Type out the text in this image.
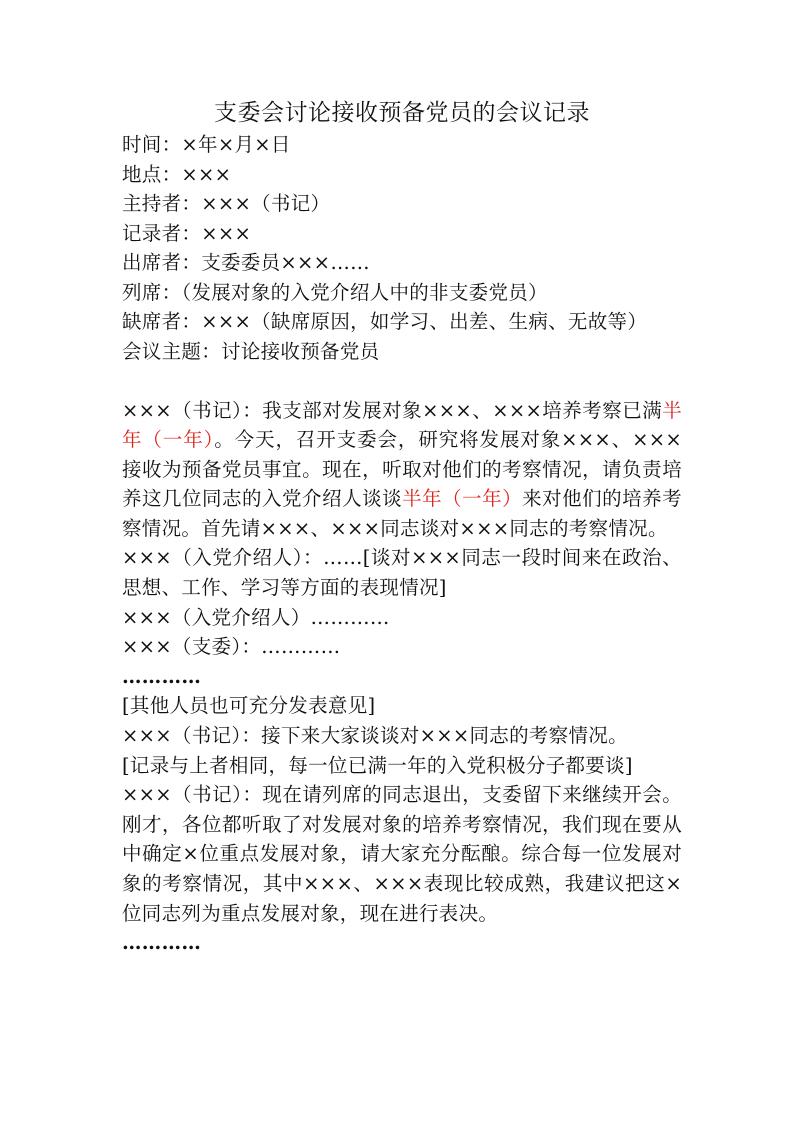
支委会讨论接收预备党员的会议记录
时间：×年×月×日
地点：×××
主持者：×××（书记）
记录者：×××
出席者：支委委员×××……
列席：（发展对象的入党介绍人中的非支委党员）
缺席者：×××（缺席原因，如学习、出差、生病、无故等）
会议主题：讨论接收预备党员

×××（书记）：我支部对发展对象×××、×××培养考察已满半年（一年）。今天，召开支委会，研究将发展对象×××、×××接收为预备党员事宜。现在，听取对他们的考察情况，请负责培养这几位同志的入党介绍人谈谈半年（一年）来对他们的培养考察情况。首先请×××、×××同志谈对×××同志的考察情况。

×××（入党介绍人）：……[谈对×××同志一段时间来在政治、思想、工作、学习等方面的表现情况]

×××（入党介绍人）…………

×××（支委）：…………

…………

[其他人员也可充分发表意见]

×××（书记）：接下来大家谈谈对×××同志的考察情况。

[记录与上者相同，每一位已满一年的入党积极分子都要谈]

×××（书记）：现在请列席的同志退出，支委留下来继续开会。刚才，各位都听取了对发展对象的培养考察情况，我们现在要从中确定×位重点发展对象，请大家充分酝酿。综合每一位发展对象的考察情况，其中×××、×××表现比较成熟，我建议把这×位同志列为重点发展对象，现在进行表决。

…………
